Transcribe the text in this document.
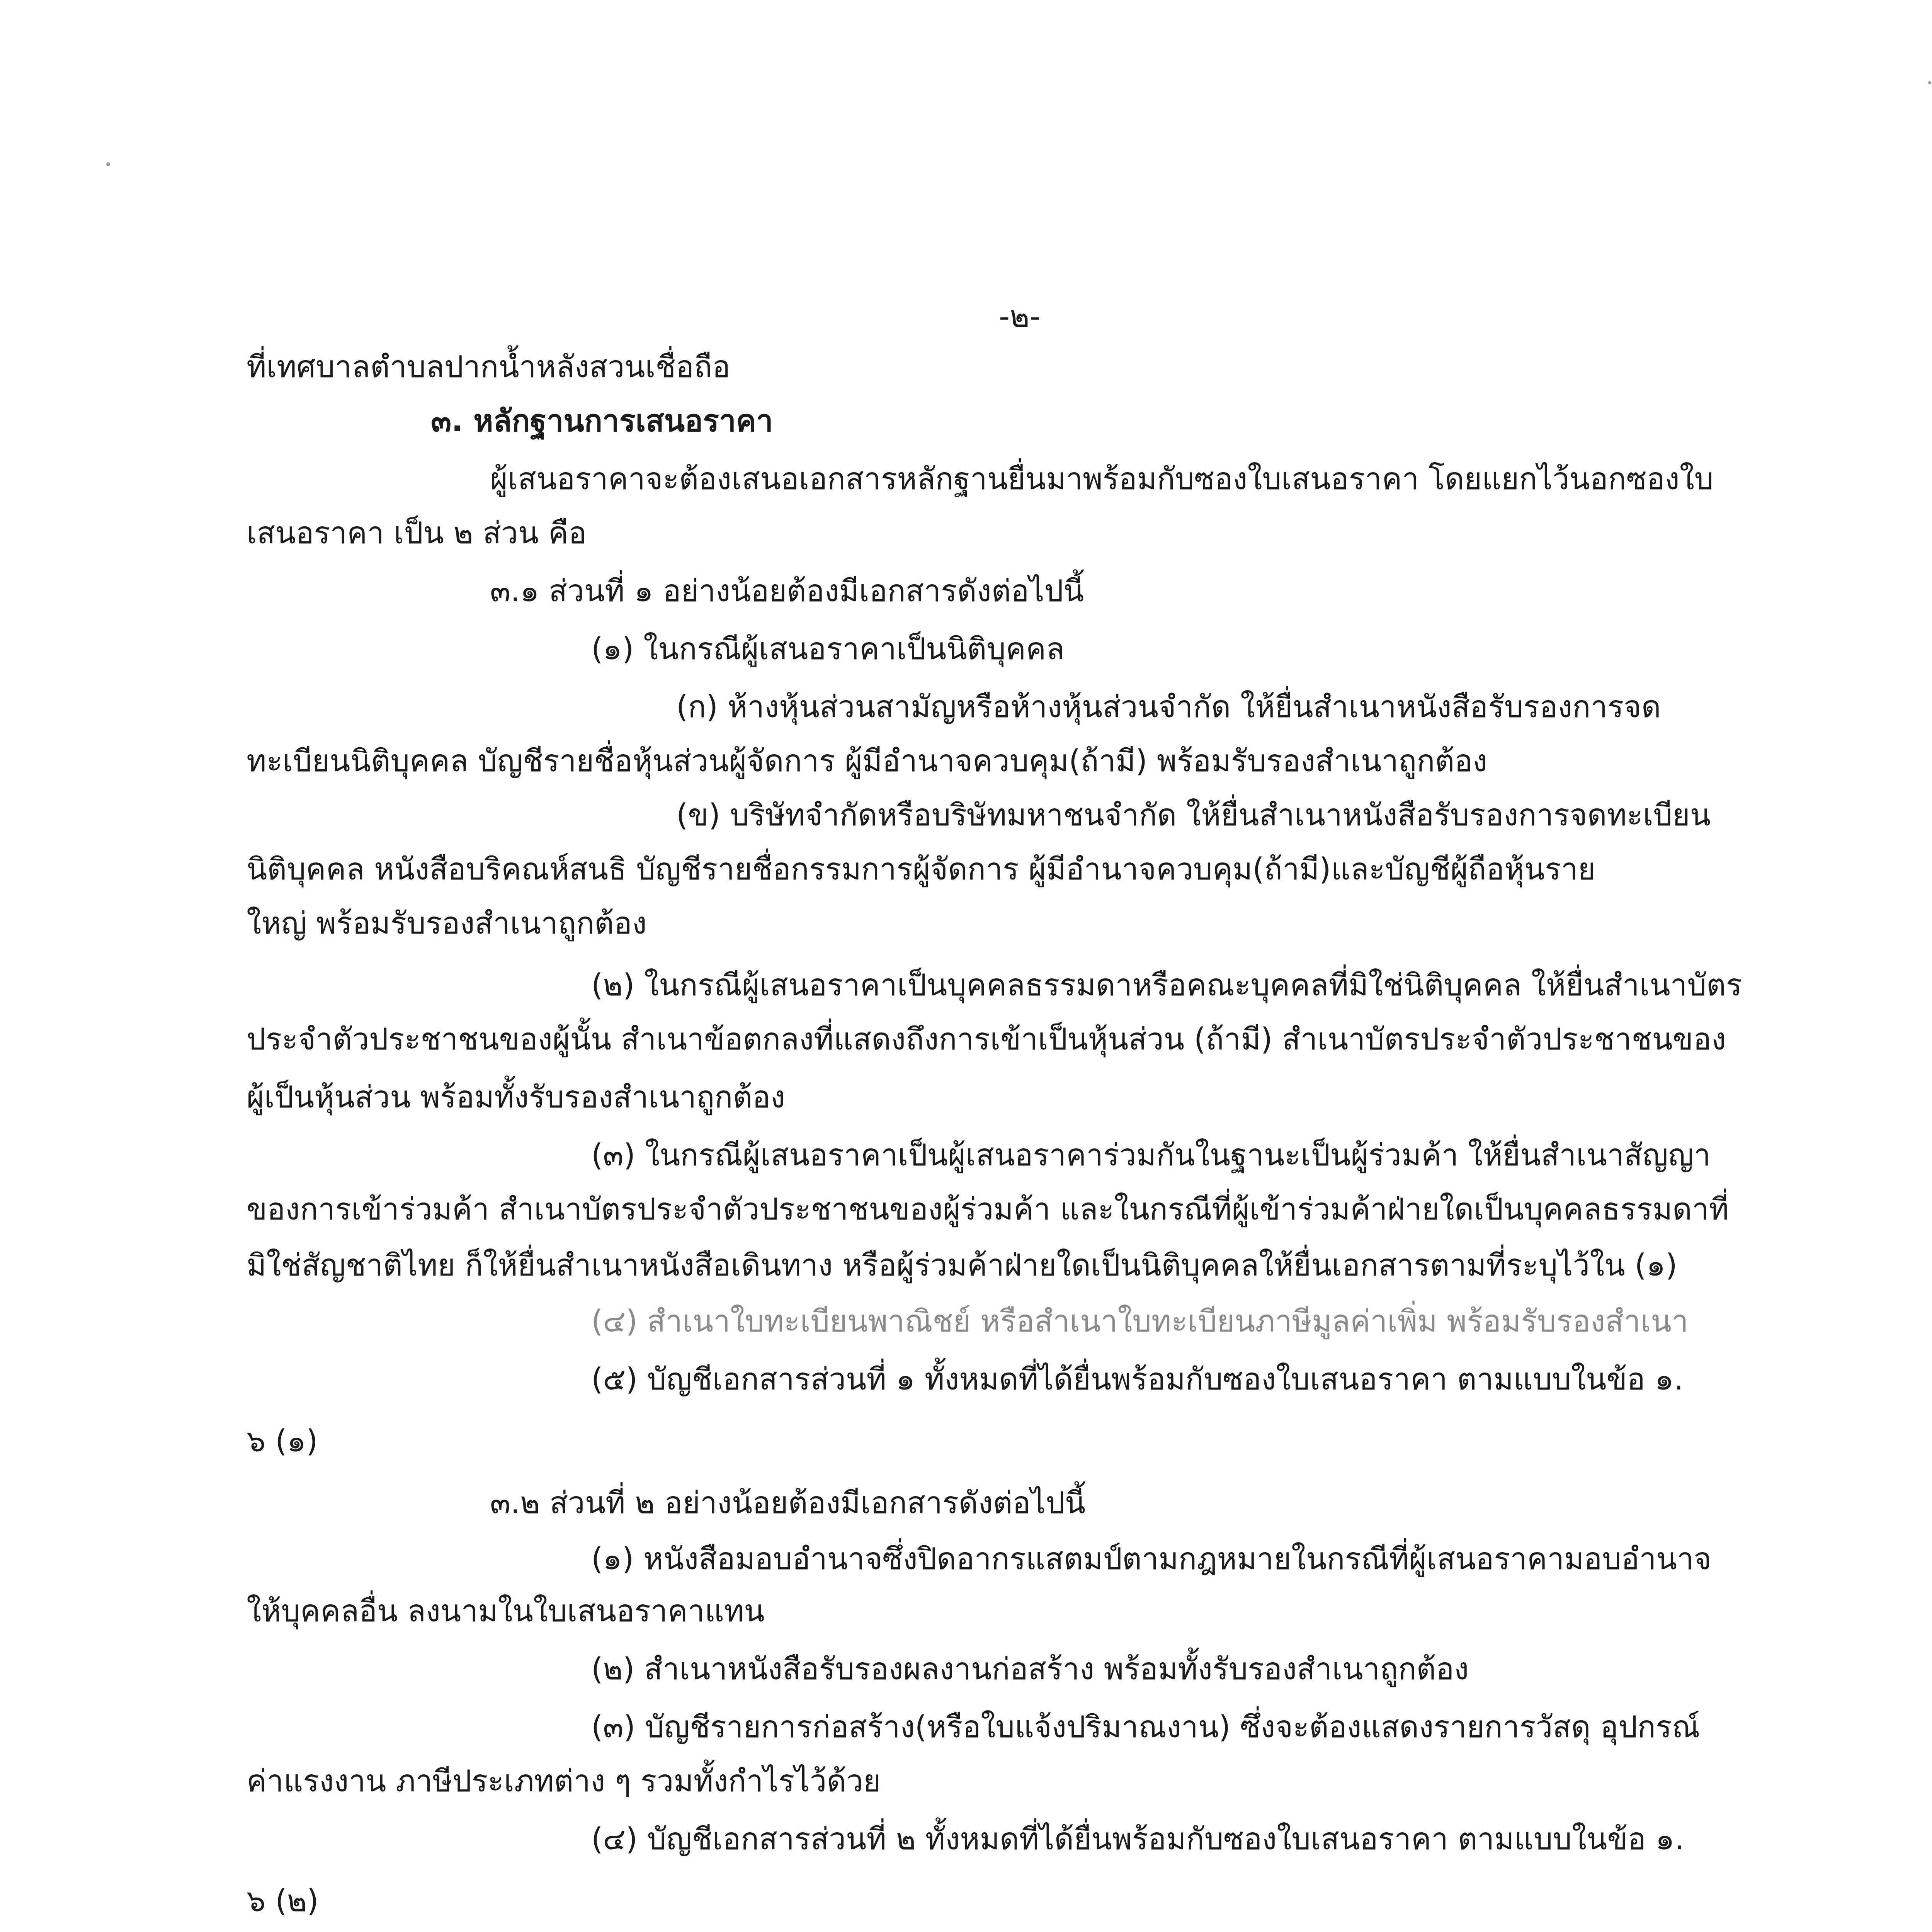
-๒-
ที่เทศบาลตำบลปากน้ำหลังสวนเชื่อถือ
๓. หลักฐานการเสนอราคา
ผู้เสนอราคาจะต้องเสนอเอกสารหลักฐานยื่นมาพร้อมกับซองใบเสนอราคา โดยแยกไว้นอกซองใบ
เสนอราคา เป็น ๒ ส่วน คือ
๓.๑ ส่วนที่ ๑ อย่างน้อยต้องมีเอกสารดังต่อไปนี้
(๑) ในกรณีผู้เสนอราคาเป็นนิติบุคคล
(ก) ห้างหุ้นส่วนสามัญหรือห้างหุ้นส่วนจำกัด ให้ยื่นสำเนาหนังสือรับรองการจด
ทะเบียนนิติบุคคล บัญชีรายชื่อหุ้นส่วนผู้จัดการ ผู้มีอำนาจควบคุม(ถ้ามี) พร้อมรับรองสำเนาถูกต้อง
(ข) บริษัทจำกัดหรือบริษัทมหาชนจำกัด ให้ยื่นสำเนาหนังสือรับรองการจดทะเบียน
นิติบุคคล หนังสือบริคณห์สนธิ บัญชีรายชื่อกรรมการผู้จัดการ ผู้มีอำนาจควบคุม(ถ้ามี)และบัญชีผู้ถือหุ้นราย
ใหญ่ พร้อมรับรองสำเนาถูกต้อง
(๒) ในกรณีผู้เสนอราคาเป็นบุคคลธรรมดาหรือคณะบุคคลที่มิใช่นิติบุคคล ให้ยื่นสำเนาบัตร
ประจำตัวประชาชนของผู้นั้น สำเนาข้อตกลงที่แสดงถึงการเข้าเป็นหุ้นส่วน (ถ้ามี) สำเนาบัตรประจำตัวประชาชนของ
ผู้เป็นหุ้นส่วน พร้อมทั้งรับรองสำเนาถูกต้อง
(๓) ในกรณีผู้เสนอราคาเป็นผู้เสนอราคาร่วมกันในฐานะเป็นผู้ร่วมค้า ให้ยื่นสำเนาสัญญา
ของการเข้าร่วมค้า สำเนาบัตรประจำตัวประชาชนของผู้ร่วมค้า และในกรณีที่ผู้เข้าร่วมค้าฝ่ายใดเป็นบุคคลธรรมดาที่
มิใช่สัญชาติไทย ก็ให้ยื่นสำเนาหนังสือเดินทาง หรือผู้ร่วมค้าฝ่ายใดเป็นนิติบุคคลให้ยื่นเอกสารตามที่ระบุไว้ใน (๑)
(๔) สำเนาใบทะเบียนพาณิชย์ หรือสำเนาใบทะเบียนภาษีมูลค่าเพิ่ม พร้อมรับรองสำเนา
(๕) บัญชีเอกสารส่วนที่ ๑ ทั้งหมดที่ได้ยื่นพร้อมกับซองใบเสนอราคา ตามแบบในข้อ ๑.
๖ (๑)
๓.๒ ส่วนที่ ๒ อย่างน้อยต้องมีเอกสารดังต่อไปนี้
(๑) หนังสือมอบอำนาจซึ่งปิดอากรแสตมป์ตามกฎหมายในกรณีที่ผู้เสนอราคามอบอำนาจ
ให้บุคคลอื่น ลงนามในใบเสนอราคาแทน
(๒) สำเนาหนังสือรับรองผลงานก่อสร้าง พร้อมทั้งรับรองสำเนาถูกต้อง
(๓) บัญชีรายการก่อสร้าง(หรือใบแจ้งปริมาณงาน) ซึ่งจะต้องแสดงรายการวัสดุ อุปกรณ์
ค่าแรงงาน ภาษีประเภทต่าง ๆ รวมทั้งกำไรไว้ด้วย
(๔) บัญชีเอกสารส่วนที่ ๒ ทั้งหมดที่ได้ยื่นพร้อมกับซองใบเสนอราคา ตามแบบในข้อ ๑.
๖ (๒)
